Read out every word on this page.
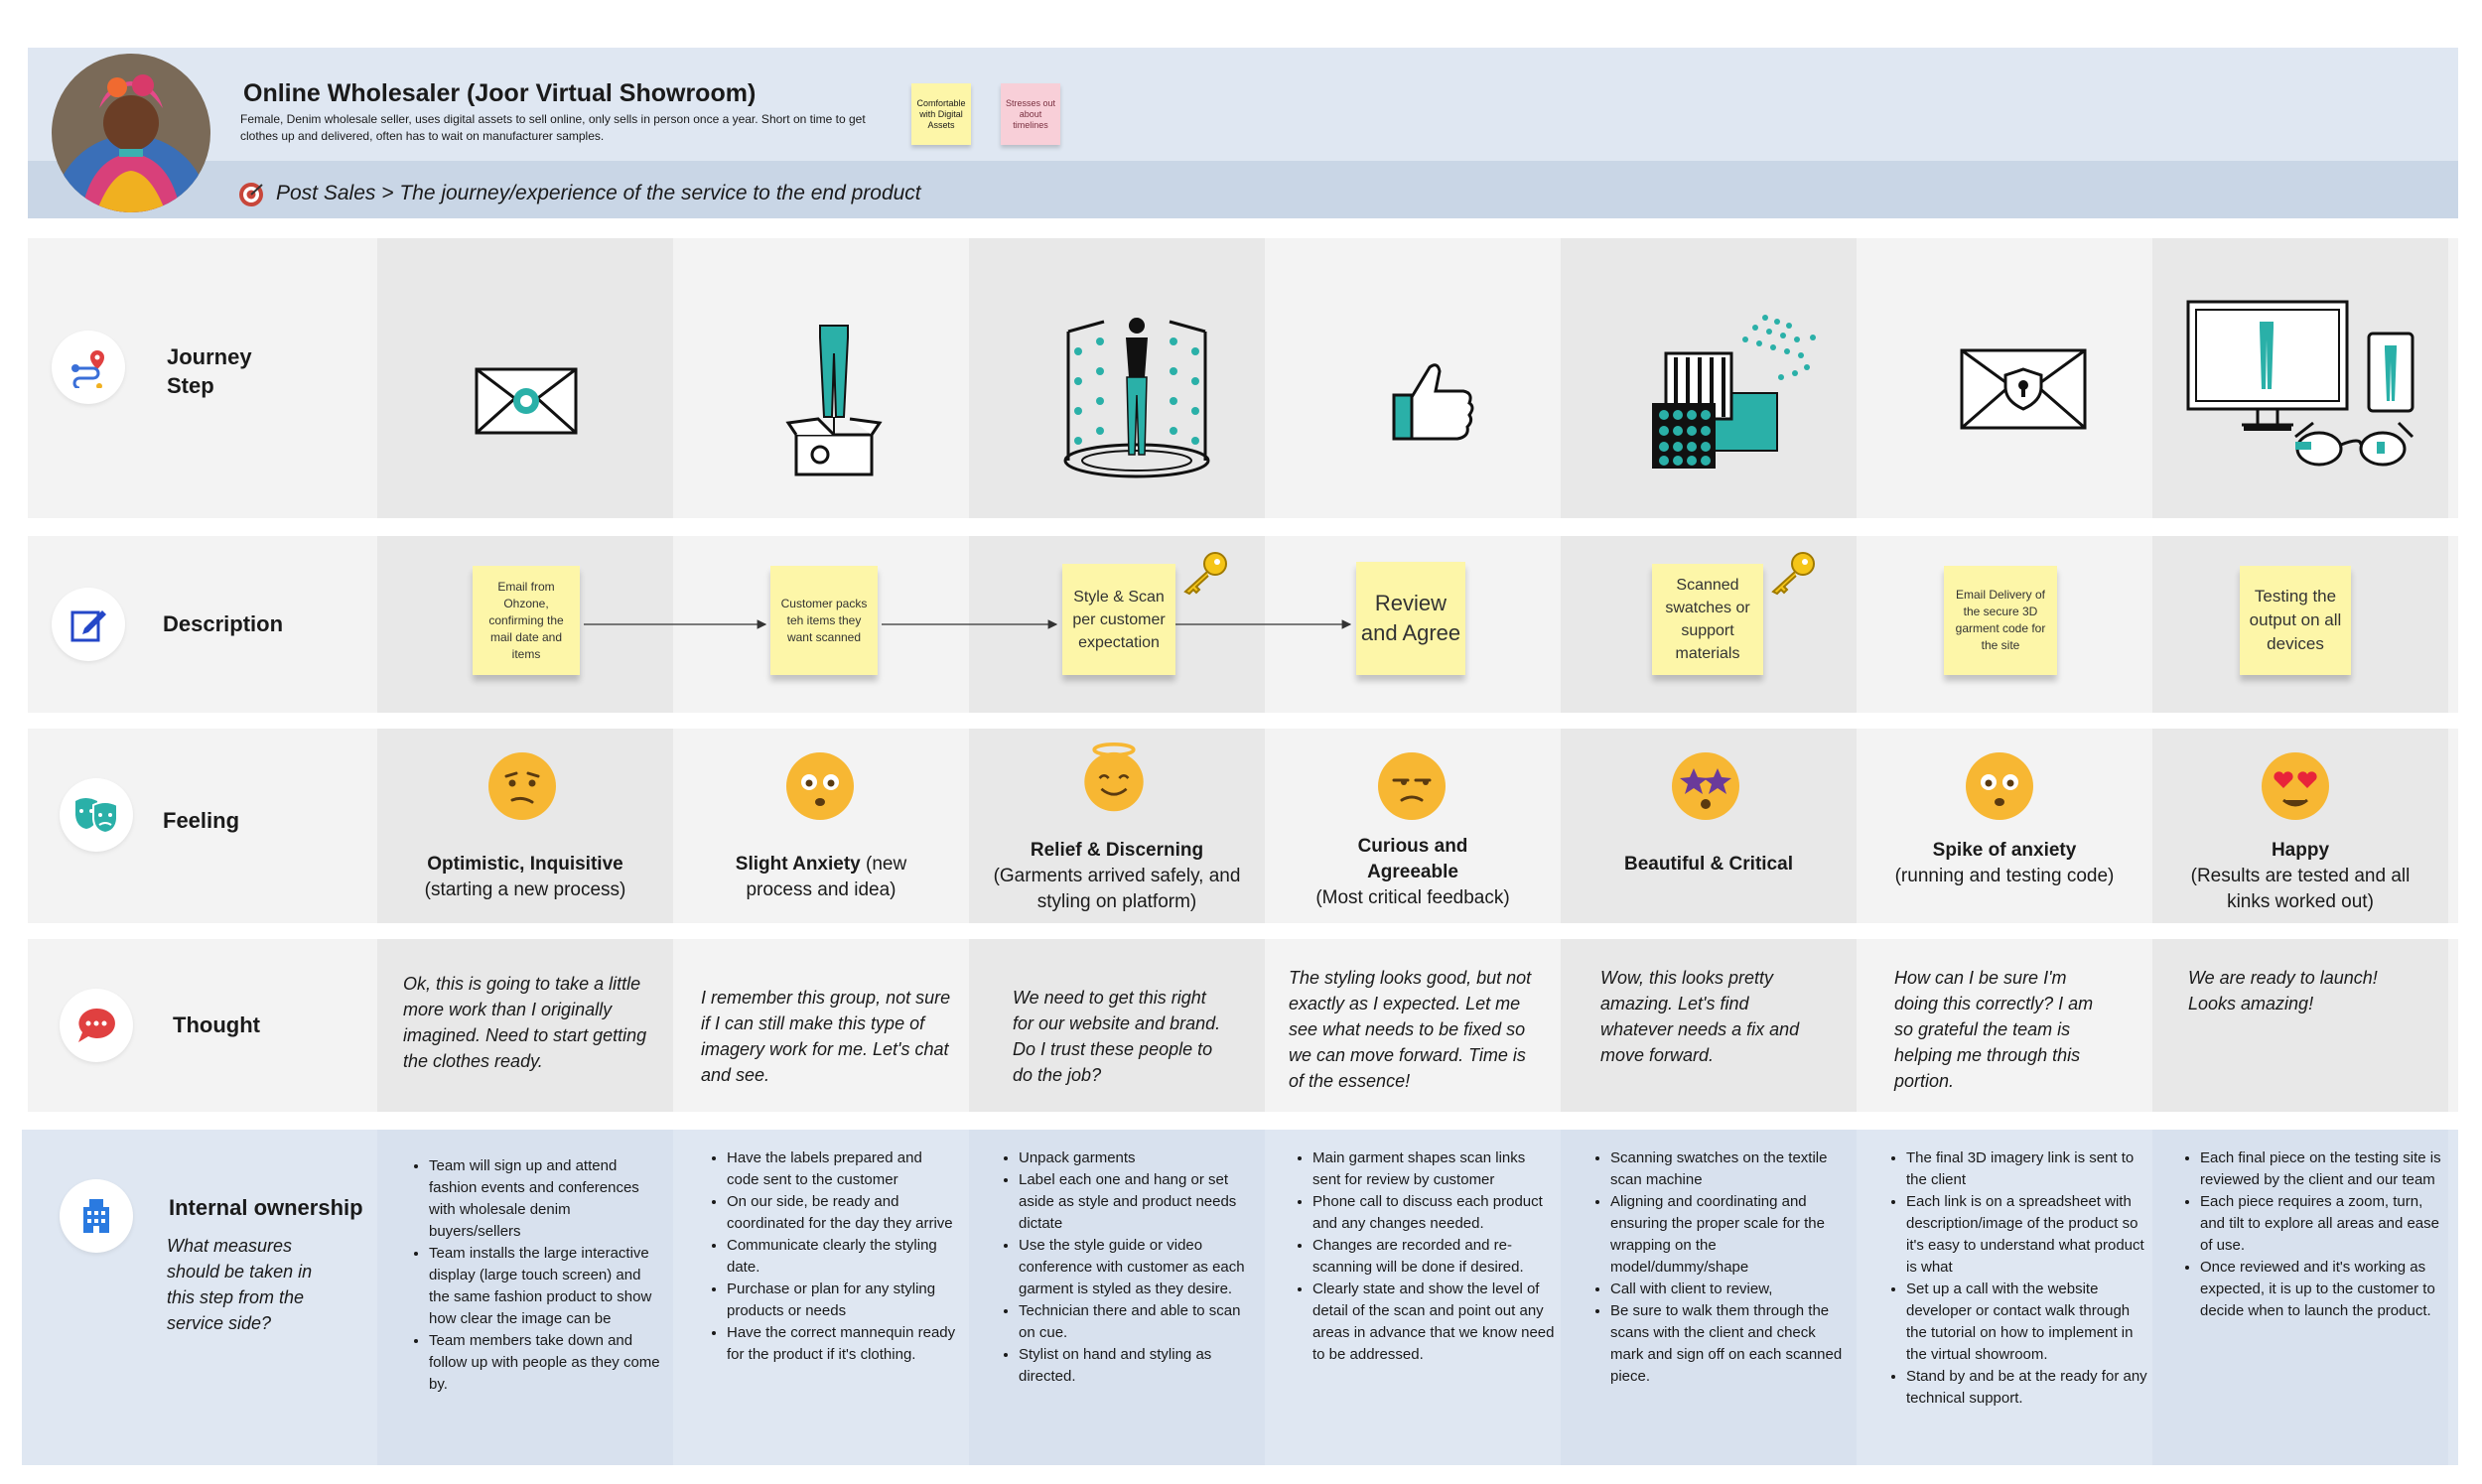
Online Wholesaler (Joor Virtual Showroom)
Female, Denim wholesale seller, uses digital assets to sell online, only sells in person once a year. Short on time to get clothes up and delivered, often has to wait on manufacturer samples.
Comfortable with Digital Assets
Stresses out about timelines
Post Sales > The journey/experience of the service to the end product
Journey Step
Description
Email from Ohzone, confirming the mail date and items
Customer packs teh items they want scanned
Style & Scan per customer expectation
Review and Agree
Scanned swatches or support materials
Email Delivery of the secure 3D garment code for the site
Testing the output on all devices
Feeling
Optimistic, Inquisitive
(starting a new process)
Slight Anxiety (new process and idea)
Relief & Discerning
(Garments arrived safely, and styling on platform)
Curious and Agreeable
(Most critical feedback)
Beautiful & Critical
Spike of anxiety
(running and testing code)
Happy
(Results are tested and all kinks worked out)
Thought
Ok, this is going to take a little more work than I originally imagined. Need to start getting the clothes ready.
I remember this group, not sure if I can still make this type of imagery work for me. Let's chat and see.
We need to get this right for our website and brand. Do I trust these people to do the job?
The styling looks good, but not exactly as I expected. Let me see what needs to be fixed so we can move forward. Time is of the essence!
Wow, this looks pretty amazing. Let's find whatever needs a fix and move forward.
How can I be sure I'm doing this correctly? I am so grateful the team is helping me through this portion.
We are ready to launch! Looks amazing!
Internal ownership
What measures should be taken in this step from the service side?
• Team will sign up and attend fashion events and conferences with wholesale denim buyers/sellers
• Team installs the large interactive display (large touch screen) and the same fashion product to show how clear the image can be
• Team members take down and follow up with people as they come by.
• Have the labels prepared and code sent to the customer
• On our side, be ready and coordinated for the day they arrive
• Communicate clearly the styling date.
• Purchase or plan for any styling products or needs
• Have the correct mannequin ready for the product if it's clothing.
• Unpack garments
• Label each one and hang or set aside as style and product needs dictate
• Use the style guide or video conference with customer as each garment is styled as they desire.
• Technician there and able to scan on cue.
• Stylist on hand and styling as directed.
• Main garment shapes scan links sent for review by customer
• Phone call to discuss each product and any changes needed.
• Changes are recorded and re-scanning will be done if desired.
• Clearly state and show the level of detail of the scan and point out any areas in advance that we know need to be addressed.
• Scanning swatches on the textile scan machine
• Aligning and coordinating and ensuring the proper scale for the wrapping on the model/dummy/shape
• Call with client to review,
• Be sure to walk them through the scans with the client and check mark and sign off on each scanned piece.
• The final 3D imagery link is sent to the client
• Each link is on a spreadsheet with description/image of the product so it's easy to understand what product is what
• Set up a call with the website developer or contact walk through the tutorial on how to implement in the virtual showroom.
• Stand by and be at the ready for any technical support.
• Each final piece on the testing site is reviewed by the client and our team
• Each piece requires a zoom, turn, and tilt to explore all areas and ease of use.
• Once reviewed and it's working as expected, it is up to the customer to decide when to launch the product.
